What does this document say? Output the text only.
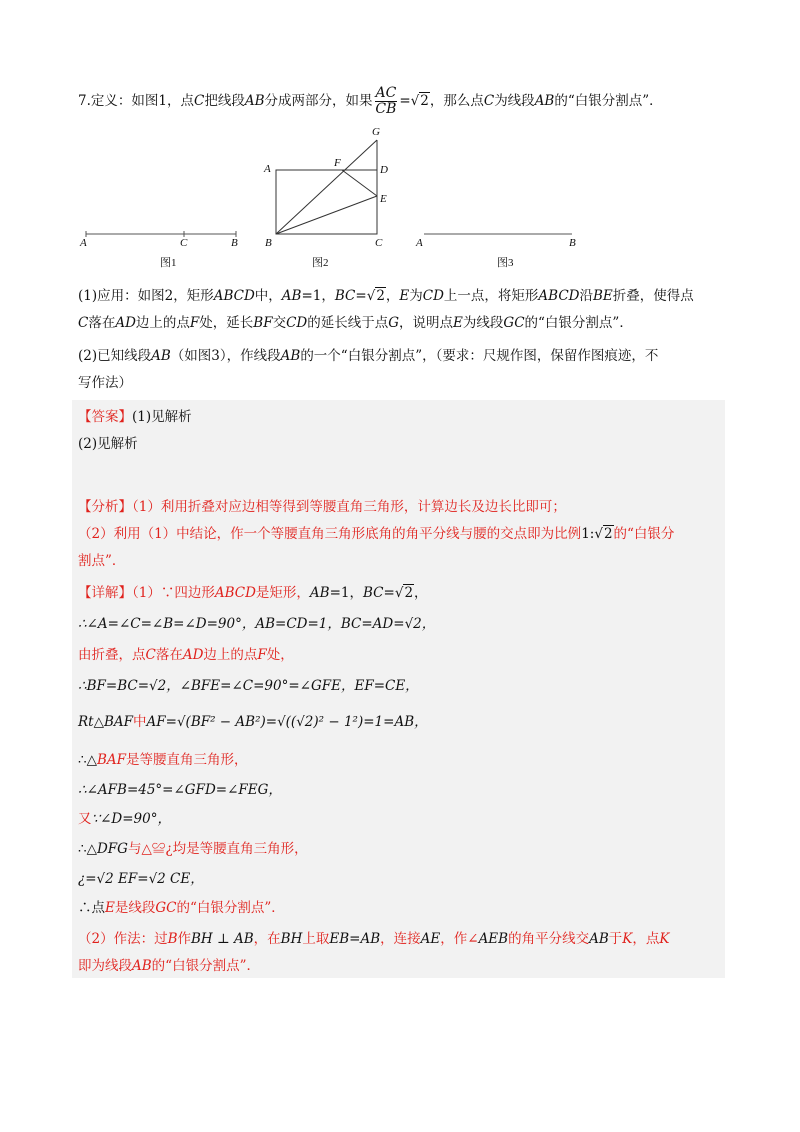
7.定义：如图1，点C把线段AB分成两部分，如果 $\frac{AC}{CB} =√2$，那么点C为线段AB的“白银分割点”．
A	C	B
图1
G
A	F
D
E
B	C
图2
A	B
图3
(1)应用：如图2，矩形ABCD中，AB=1，BC=√2，E为CD上一点，将矩形ABCD沿BE折叠，使得点
C落在AD边上的点F处，延长BF交CD的延长线于点G，说明点E为线段GC的“白银分割点”．
(2)已知线段AB（如图3），作线段AB的一个“白银分割点”，（要求：尺规作图，保留作图痕迹，不
写作法）
【答案】(1)见解析
(2)见解析
【分析】（1）利用折叠对应边相等得到等腰直角三角形，计算边长及边长比即可；
（2）利用（1）中结论，作一个等腰直角三角形底角的角平分线与腰的交点即为比例1:√2的“白银分
割点”．
【详解】（1）∵四边形ABCD是矩形，AB=1，BC=√2，
∴∠A=∠C=∠B=∠D=90°，AB=CD=1，BC=AD=√2，
由折叠，点C落在AD边上的点F处，
∴BF=BC=√2，∠BFE=∠C=90°=∠GFE，EF=CE，
Rt△BAF中AF=√(BF² − AB²)=√((√2)² − 1²)=1=AB，
∴△BAF是等腰直角三角形，
∴∠AFB=45°=∠GFD=∠FEG，
又∵∠D=90°，
∴△DFG与△≌¿均是等腰直角三角形，
¿=√2 EF=√2 CE，
∴点E是线段GC的“白银分割点”．
（2）作法：过B作BH ⊥ AB，在BH上取EB=AB，连接AE，作∠AEB的角平分线交AB于K，点K
即为线段AB的“白银分割点”．
